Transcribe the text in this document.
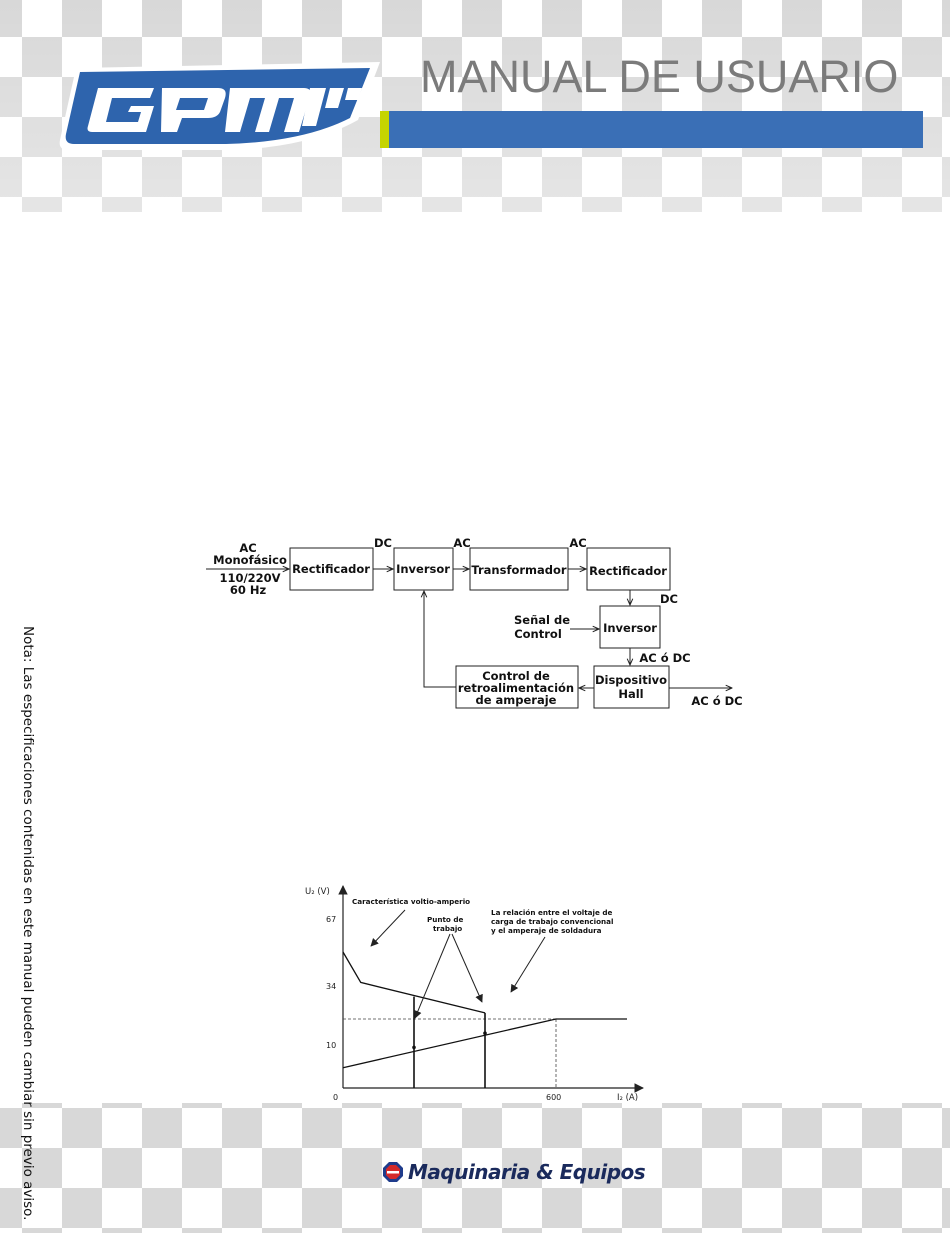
MANUAL DE USUARIO
Nota: Las especificaciones contenidas en este manual pueden cambiar sin previo aviso.
AC
Monofásico
110/220V
60 Hz
Rectificador Inversor Transformador Rectificador
Inversor
Dispositivo
Hall
Control de
retroalimentación
de amperaje
DC	AC	AC
DC
Señal de
Control
AC ó DC
AC ó DC
U₂ (V)
I₂ (A)
0	600
67
34
10
Característica voltio-amperio
Punto de
trabajo
La relación entre el voltaje de
carga de trabajo convencional
y el amperaje de soldadura
Maquinaria & Equipos
